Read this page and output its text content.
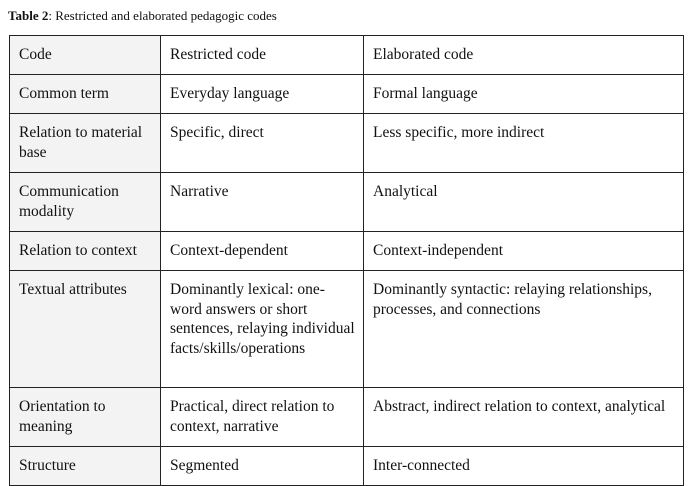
Table 2: Restricted and elaborated pedagogic codes
Code	Restricted code	Elaborated code
Common term	Everyday language	Formal language
Relation to material base	Specific, direct	Less specific, more indirect
Communication modality	Narrative	Analytical
Relation to context	Context-dependent	Context-independent
Textual attributes	Dominantly lexical: one-word answers or short sentences, relaying individual facts/skills/operations	Dominantly syntactic: relaying relationships, processes, and connections
Orientation to meaning	Practical, direct relation to context, narrative	Abstract, indirect relation to context, analytical
Structure	Segmented	Inter-connected
